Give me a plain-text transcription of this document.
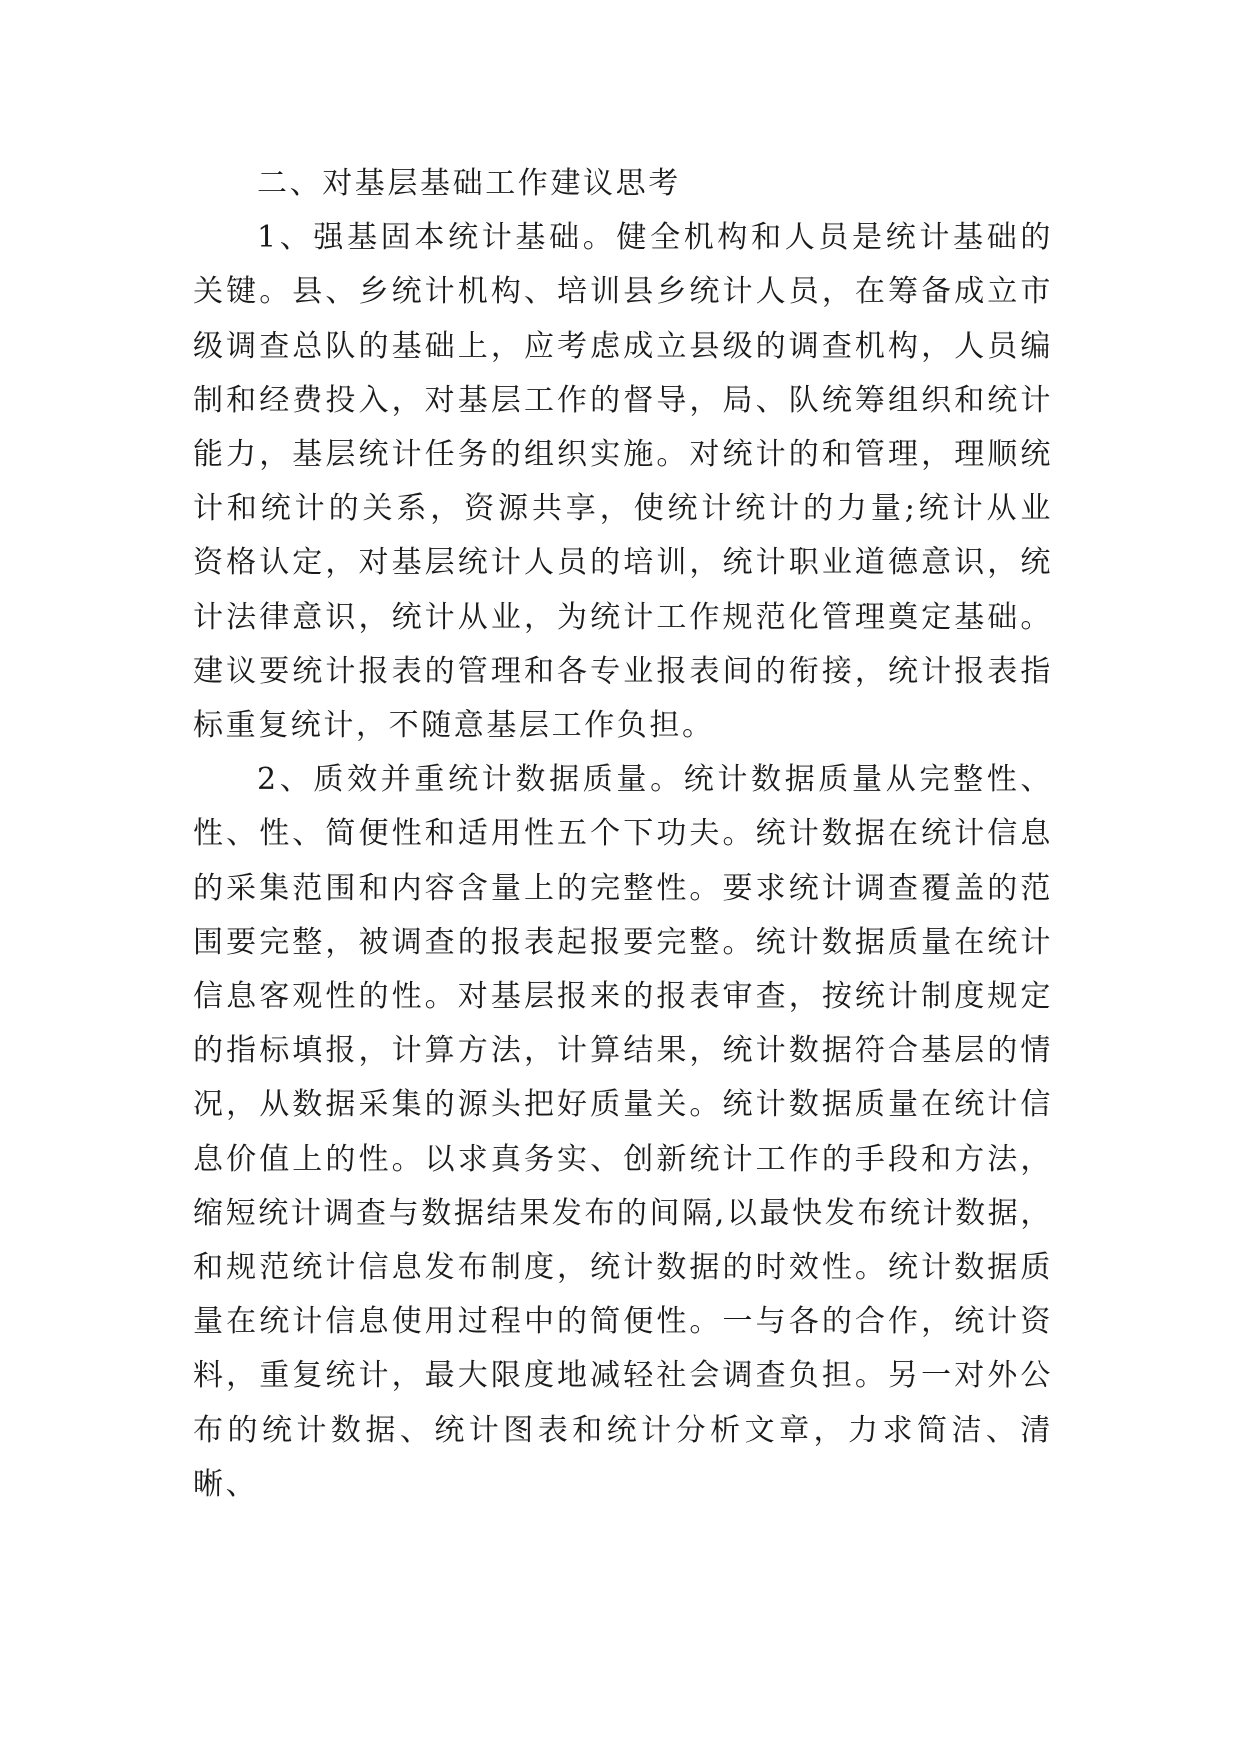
二、对基层基础工作建议思考

1、强基固本统计基础。健全机构和人员是统计基础的关键。县、乡统计机构、培训县乡统计人员，在筹备成立市级调查总队的基础上，应考虑成立县级的调查机构，人员编制和经费投入，对基层工作的督导，局、队统筹组织和统计能力，基层统计任务的组织实施。对统计的和管理，理顺统计和统计的关系，资源共享，使统计统计的力量;统计从业资格认定，对基层统计人员的培训，统计职业道德意识，统计法律意识，统计从业，为统计工作规范化管理奠定基础。建议要统计报表的管理和各专业报表间的衔接，统计报表指标重复统计，不随意基层工作负担。

2、质效并重统计数据质量。统计数据质量从完整性、性、性、简便性和适用性五个下功夫。统计数据在统计信息的采集范围和内容含量上的完整性。要求统计调查覆盖的范围要完整，被调查的报表起报要完整。统计数据质量在统计信息客观性的性。对基层报来的报表审查，按统计制度规定的指标填报，计算方法，计算结果，统计数据符合基层的情况，从数据采集的源头把好质量关。统计数据质量在统计信息价值上的性。以求真务实、创新统计工作的手段和方法，缩短统计调查与数据结果发布的间隔,以最快发布统计数据，和规范统计信息发布制度，统计数据的时效性。统计数据质量在统计信息使用过程中的简便性。一与各的合作，统计资料，重复统计，最大限度地减轻社会调查负担。另一对外公布的统计数据、统计图表和统计分析文章，力求简洁、清晰、
